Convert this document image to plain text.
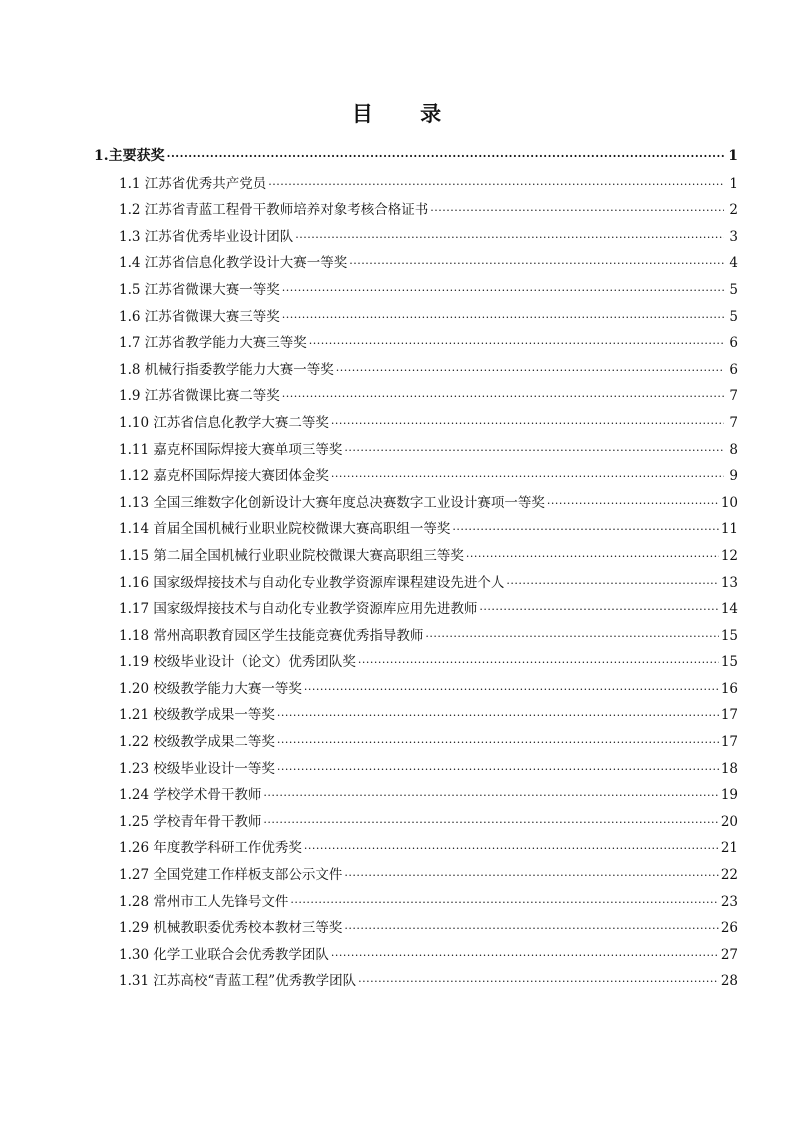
目 录
1.主要获奖 .....	1
1.1 江苏省优秀共产党员 .....	1
1.2 江苏省青蓝工程骨干教师培养对象考核合格证书 .....	2
1.3 江苏省优秀毕业设计团队 .....	3
1.4 江苏省信息化教学设计大赛一等奖 .....	4
1.5 江苏省微课大赛一等奖 .....	5
1.6 江苏省微课大赛三等奖 .....	5
1.7 江苏省教学能力大赛三等奖 .....	6
1.8 机械行指委教学能力大赛一等奖 .....	6
1.9 江苏省微课比赛二等奖 .....	7
1.10 江苏省信息化教学大赛二等奖 .....	7
1.11 嘉克杯国际焊接大赛单项三等奖 .....	8
1.12 嘉克杯国际焊接大赛团体金奖 .....	9
1.13 全国三维数字化创新设计大赛年度总决赛数字工业设计赛项一等奖 .....	10
1.14 首届全国机械行业职业院校微课大赛高职组一等奖 .....	11
1.15 第二届全国机械行业职业院校微课大赛高职组三等奖 .....	12
1.16 国家级焊接技术与自动化专业教学资源库课程建设先进个人 .....	13
1.17 国家级焊接技术与自动化专业教学资源库应用先进教师 .....	14
1.18 常州高职教育园区学生技能竞赛优秀指导教师 .....	15
1.19 校级毕业设计（论文）优秀团队奖 .....	15
1.20 校级教学能力大赛一等奖 .....	16
1.21 校级教学成果一等奖 .....	17
1.22 校级教学成果二等奖 .....	17
1.23 校级毕业设计一等奖 .....	18
1.24 学校学术骨干教师 .....	19
1.25 学校青年骨干教师 .....	20
1.26 年度教学科研工作优秀奖 .....	21
1.27 全国党建工作样板支部公示文件 .....	22
1.28 常州市工人先锋号文件 .....	23
1.29 机械教职委优秀校本教材三等奖 .....	26
1.30 化学工业联合会优秀教学团队 .....	27
1.31 江苏高校“青蓝工程”优秀教学团队 .....	28
